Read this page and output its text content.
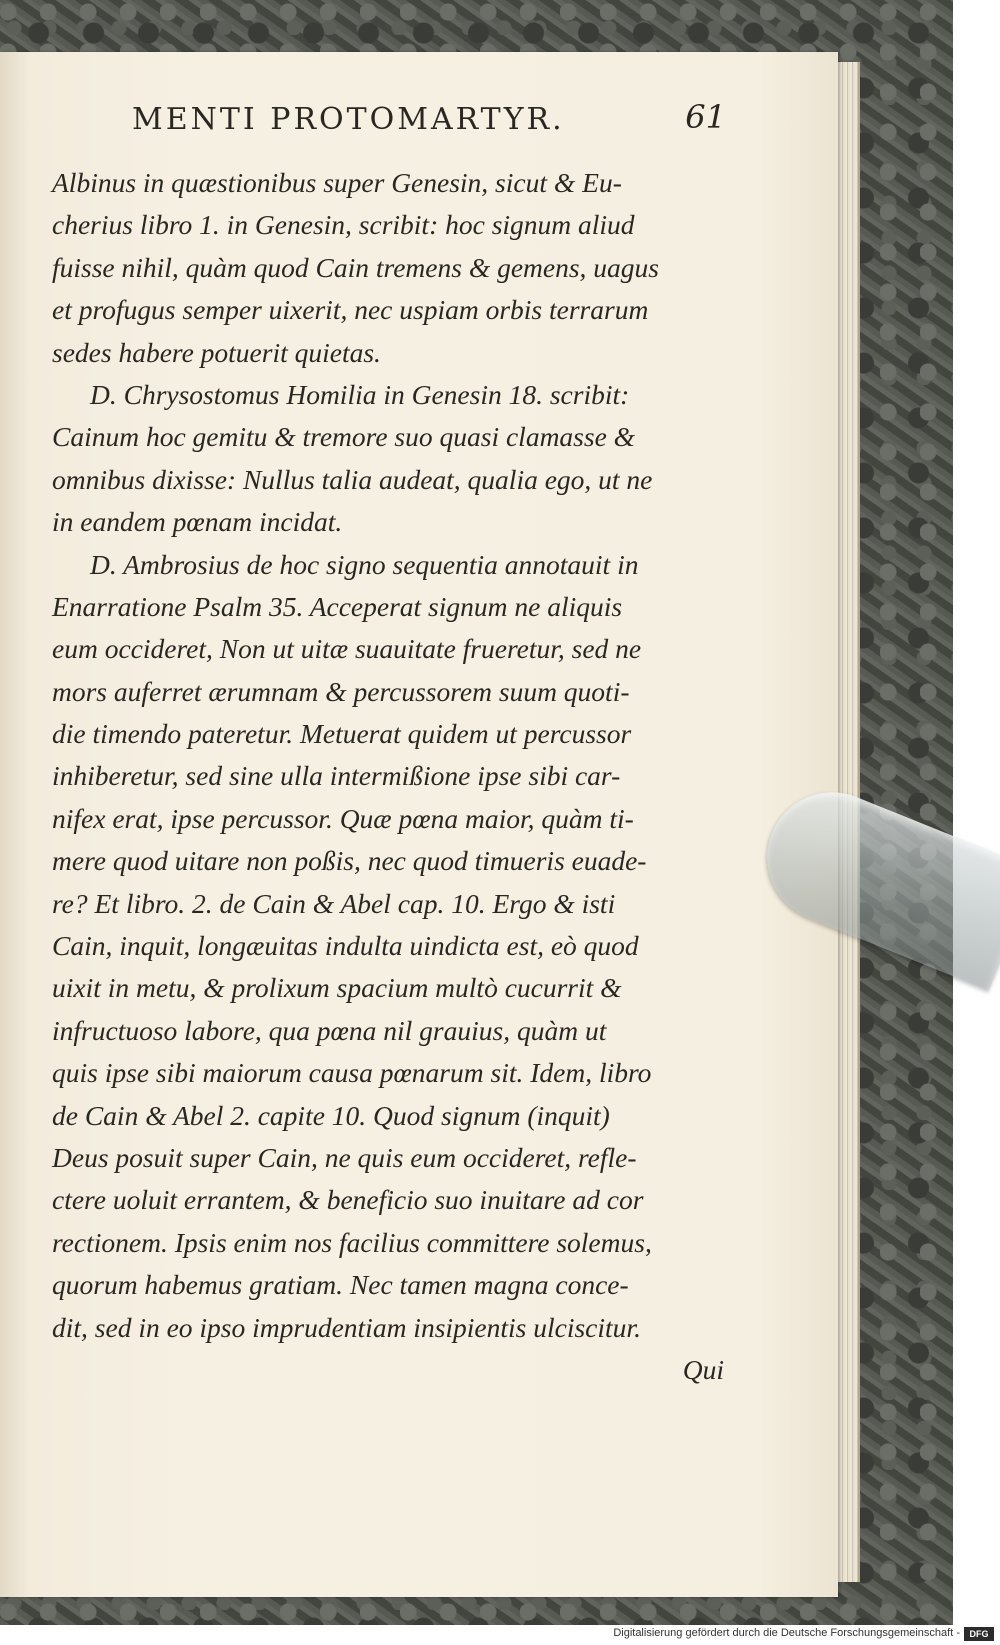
MENTI PROTOMARTYR.	61
Albinus in quæstionibus super Genesin, sicut & Eu-
cherius libro 1. in Genesin, scribit: hoc signum aliud
fuisse nihil, quàm quod Cain tremens & gemens, uagus
et profugus semper uixerit, nec uspiam orbis terrarum
sedes habere potuerit quietas.
D. Chrysostomus Homilia in Genesin 18. scribit:
Cainum hoc gemitu & tremore suo quasi clamasse &
omnibus dixisse: Nullus talia audeat, qualia ego, ut ne
in eandem pœnam incidat.
D. Ambrosius de hoc signo sequentia annotauit in
Enarratione Psalm 35. Acceperat signum ne aliquis
eum occideret, Non ut uitæ suauitate frueretur, sed ne
mors auferret ærumnam & percussorem suum quoti-
die timendo pateretur. Metuerat quidem ut percussor
inhiberetur, sed sine ulla intermißione ipse sibi car-
nifex erat, ipse percussor. Quæ pœna maior, quàm ti-
mere quod uitare non poßis, nec quod timueris euade-
re? Et libro. 2. de Cain & Abel cap. 10. Ergo & isti
Cain, inquit, longæuitas indulta uindicta est, eò quod
uixit in metu, & prolixum spacium multò cucurrit &
infructuoso labore, qua pœna nil grauius, quàm ut
quis ipse sibi maiorum causa pœnarum sit. Idem, libro
de Cain & Abel 2. capite 10. Quod signum (inquit)
Deus posuit super Cain, ne quis eum occideret, refle-
ctere uoluit errantem, & beneficio suo inuitare ad cor
rectionem. Ipsis enim nos facilius committere solemus,
quorum habemus gratiam. Nec tamen magna conce-
dit, sed in eo ipso imprudentiam insipientis ulciscitur.
Qui
Digitalisierung gefördert durch die Deutsche Forschungsgemeinschaft -	DFG
